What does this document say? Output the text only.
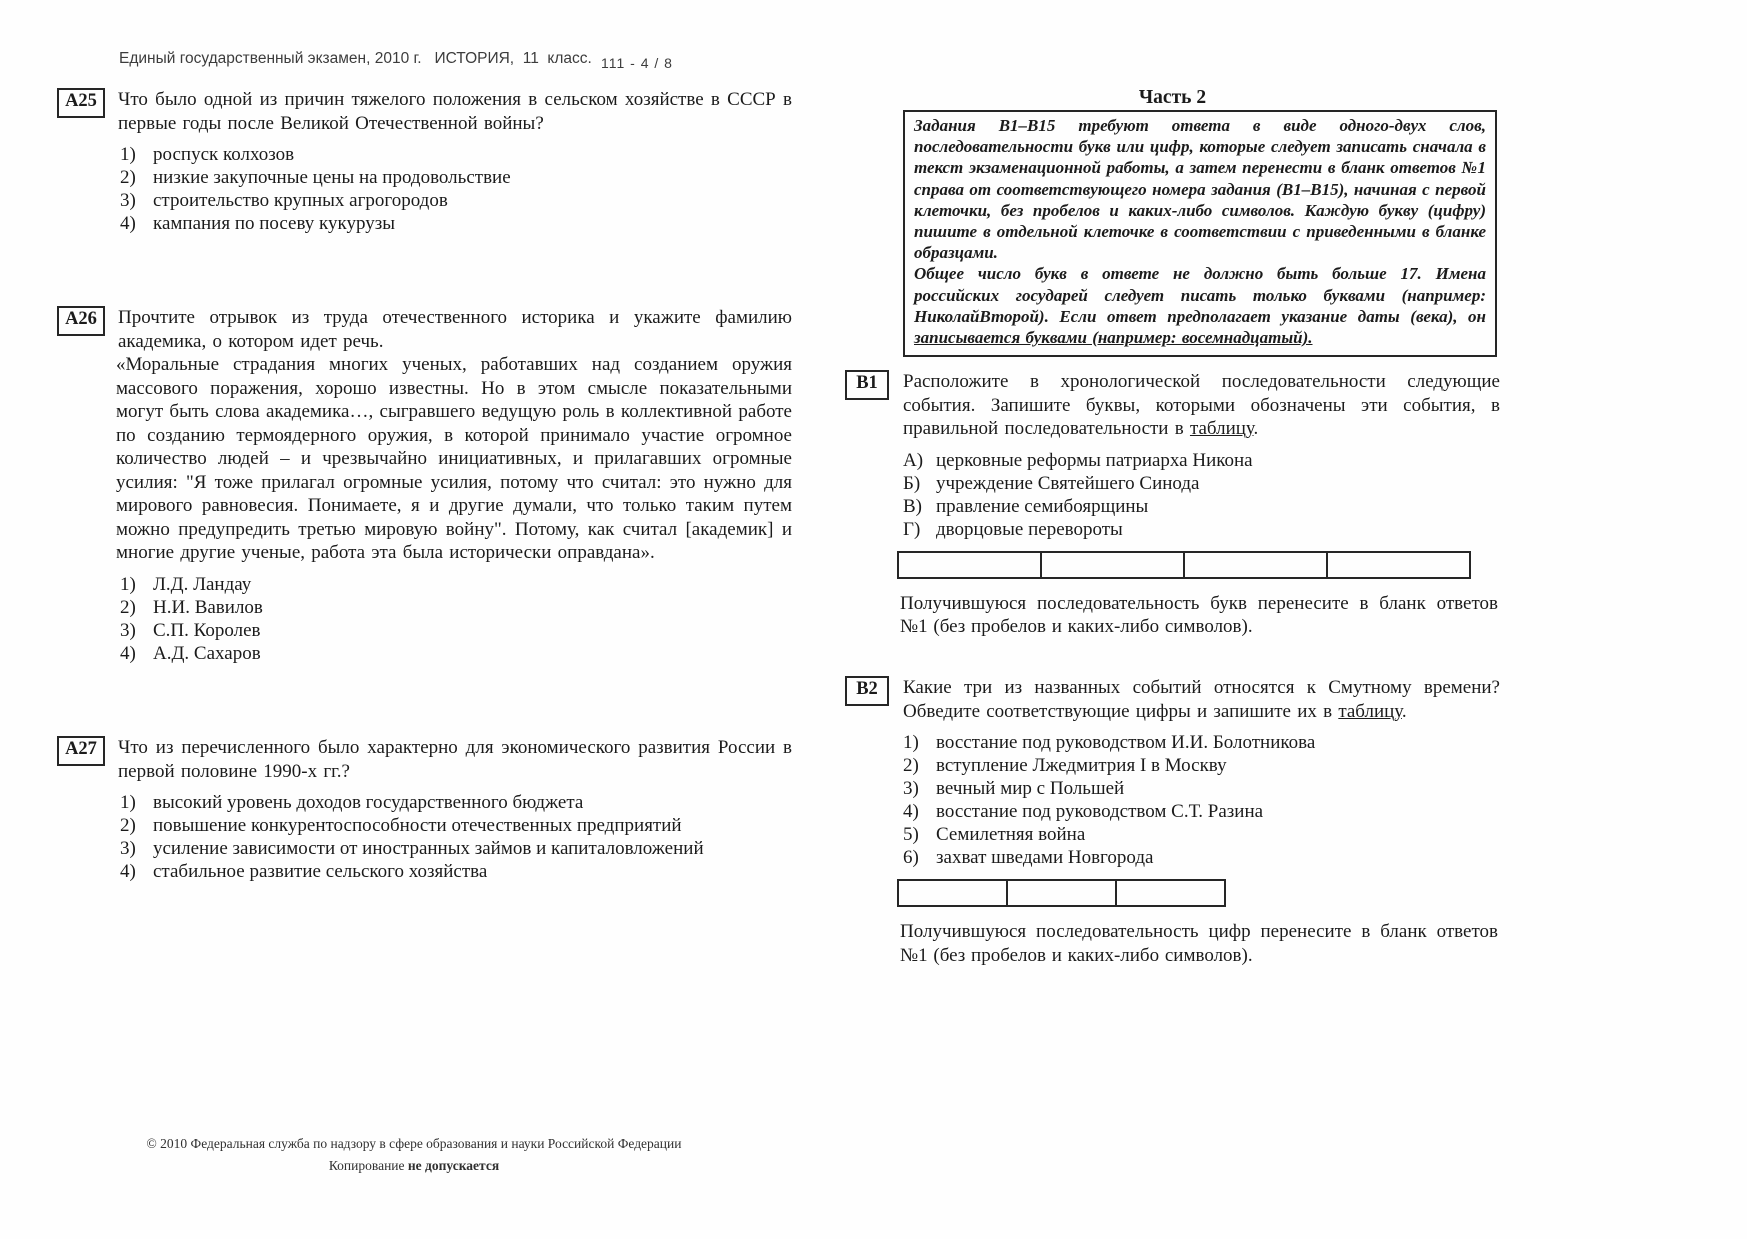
Единый государственный экзамен, 2010 г.   ИСТОРИЯ,  11  класс. 111 - 4 / 8
А25	Что было одной из причин тяжелого положения в сельском хозяйстве в СССР в первые годы после Великой Отечественной войны?
1) роспуск колхозов
2) низкие закупочные цены на продовольствие
3) строительство крупных агрогородов
4) кампания по посеву кукурузы
А26	Прочтите отрывок из труда отечественного историка и укажите фамилию академика, о котором идет речь.
«Моральные страдания многих ученых, работавших над созданием оружия массового поражения, хорошо известны. Но в этом смысле показательными могут быть слова академика…, сыгравшего ведущую роль в коллективной работе по созданию термоядерного оружия, в которой принимало участие огромное количество людей – и чрезвычайно инициативных, и прилагавших огромные усилия: "Я тоже прилагал огромные усилия, потому что считал: это нужно для мирового равновесия. Понимаете, я и другие думали, что только таким путем можно предупредить третью мировую войну". Потому, как считал [академик] и многие другие ученые, работа эта была исторически оправдана».
1) Л.Д. Ландау
2) Н.И. Вавилов
3) С.П. Королев
4) А.Д. Сахаров
А27	Что из перечисленного было характерно для экономического развития России в первой половине 1990-х гг.?
1) высокий уровень доходов государственного бюджета
2) повышение конкурентоспособности отечественных предприятий
3) усиление зависимости от иностранных займов и капиталовложений
4) стабильное развитие сельского хозяйства
Часть 2

Задания В1–В15 требуют ответа в виде одного-двух слов, последовательности букв или цифр, которые следует записать сначала в текст экзаменационной работы, а затем перенести в бланк ответов №1 справа от соответствующего номера задания (В1–В15), начиная с первой клеточки, без пробелов и каких-либо символов. Каждую букву (цифру) пишите в отдельной клеточке в соответствии с приведенными в бланке образцами.

Общее число букв в ответе не должно быть больше 17. Имена российских государей следует писать только буквами (например: НиколайВторой). Если ответ предполагает указание даты (века), он записывается буквами (например: восемнадцатый).

В1	Расположите в хронологической последовательности следующие события. Запишите буквы, которыми обозначены эти события, в правильной последовательности в таблицу.
А) церковные реформы патриарха Никона
Б) учреждение Святейшего Синода
В) правление семибоярщины
Г) дворцовые перевороты

Получившуюся последовательность букв перенесите в бланк ответов №1 (без пробелов и каких-либо символов).
В2	Какие три из названных событий относятся к Смутному времени? Обведите соответствующие цифры и запишите их в таблицу.
1) восстание под руководством И.И. Болотникова
2) вступление Лжедмитрия I в Москву
3) вечный мир с Польшей
4) восстание под руководством С.Т. Разина
5) Семилетняя война
6) захват шведами Новгорода

Получившуюся последовательность цифр перенесите в бланк ответов №1 (без пробелов и каких-либо символов).
© 2010 Федеральная служба по надзору в сфере образования и науки Российской Федерации
Копирование не допускается
